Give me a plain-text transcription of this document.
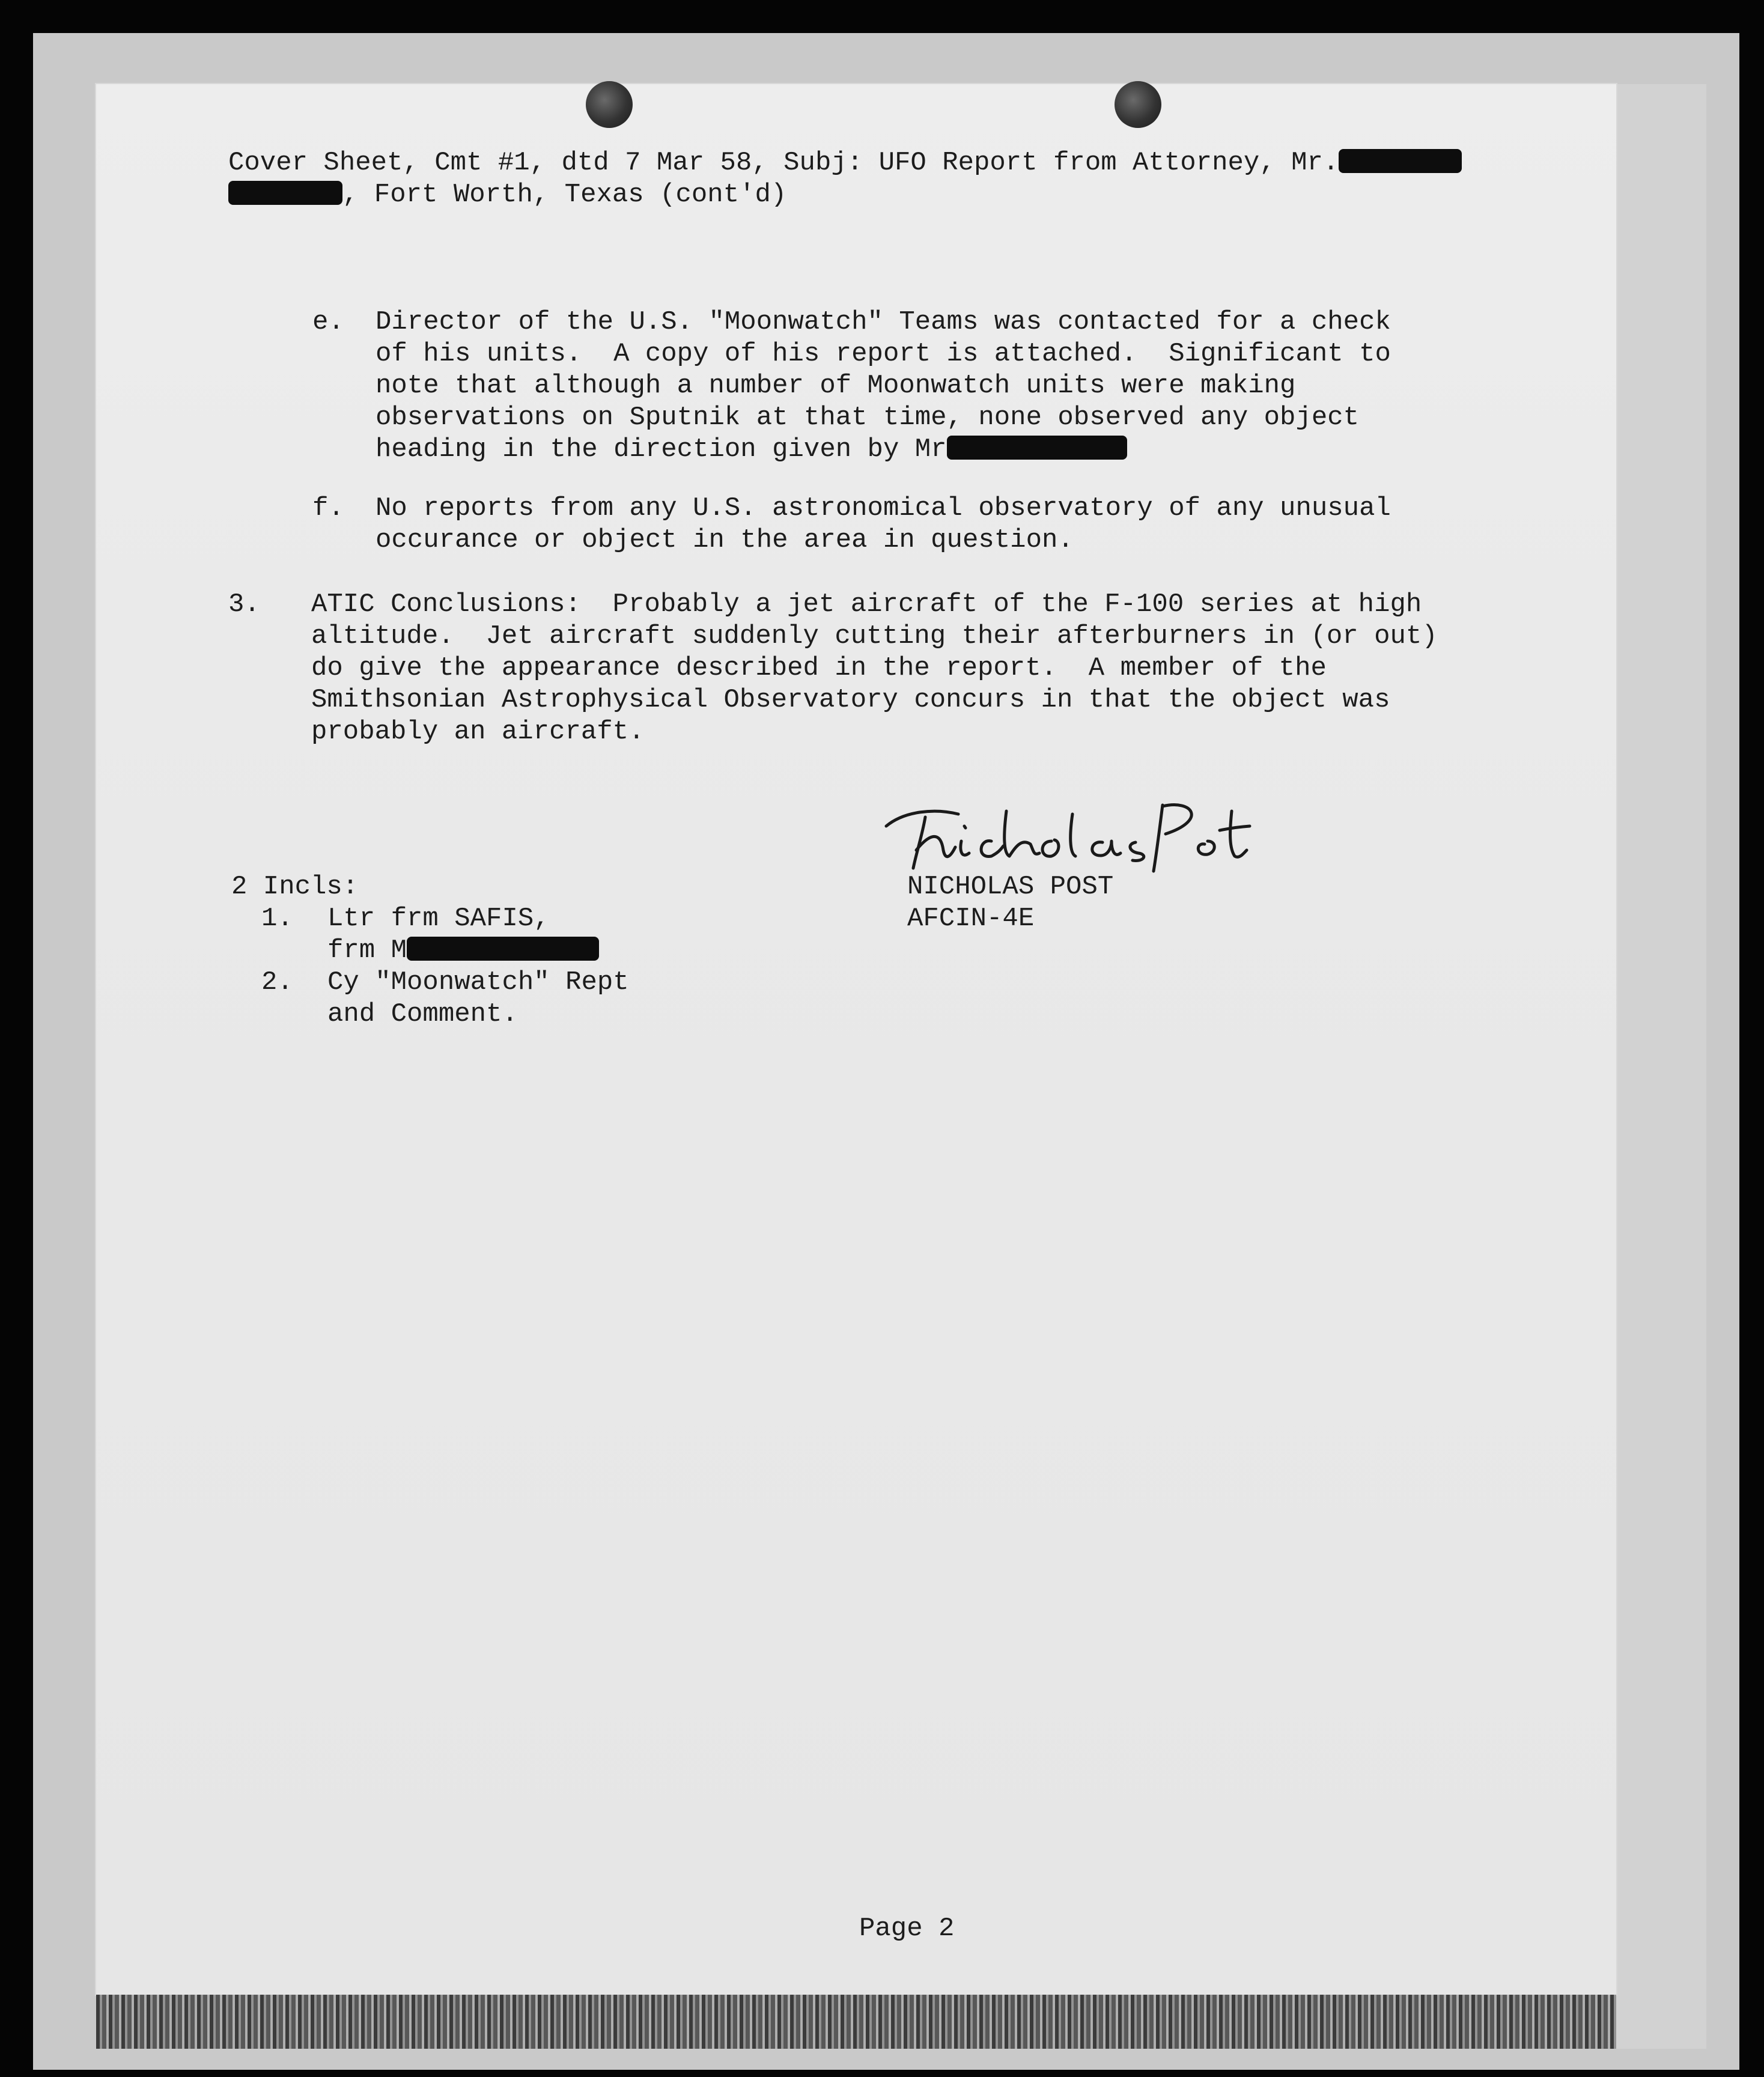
Cover Sheet, Cmt #1, dtd 7 Mar 58, Subj: UFO Report from Attorney, Mr.
, Fort Worth, Texas (cont'd)
e. Director of the U.S. "Moonwatch" Teams was contacted for a check
of his units.  A copy of his report is attached.  Significant to
note that although a number of Moonwatch units were making
observations on Sputnik at that time, none observed any object
heading in the direction given by Mr
f. No reports from any U.S. astronomical observatory of any unusual
occurance or object in the area in question.
3. ATIC Conclusions:  Probably a jet aircraft of the F-100 series at high
altitude.  Jet aircraft suddenly cutting their afterburners in (or out)
do give the appearance described in the report.  A member of the
Smithsonian Astrophysical Observatory concurs in that the object was
probably an aircraft.
NICHOLAS POST
AFCIN-4E
2 Incls:
1. Ltr frm SAFIS,
frm M
2. Cy "Moonwatch" Rept
and Comment.
Page 2
